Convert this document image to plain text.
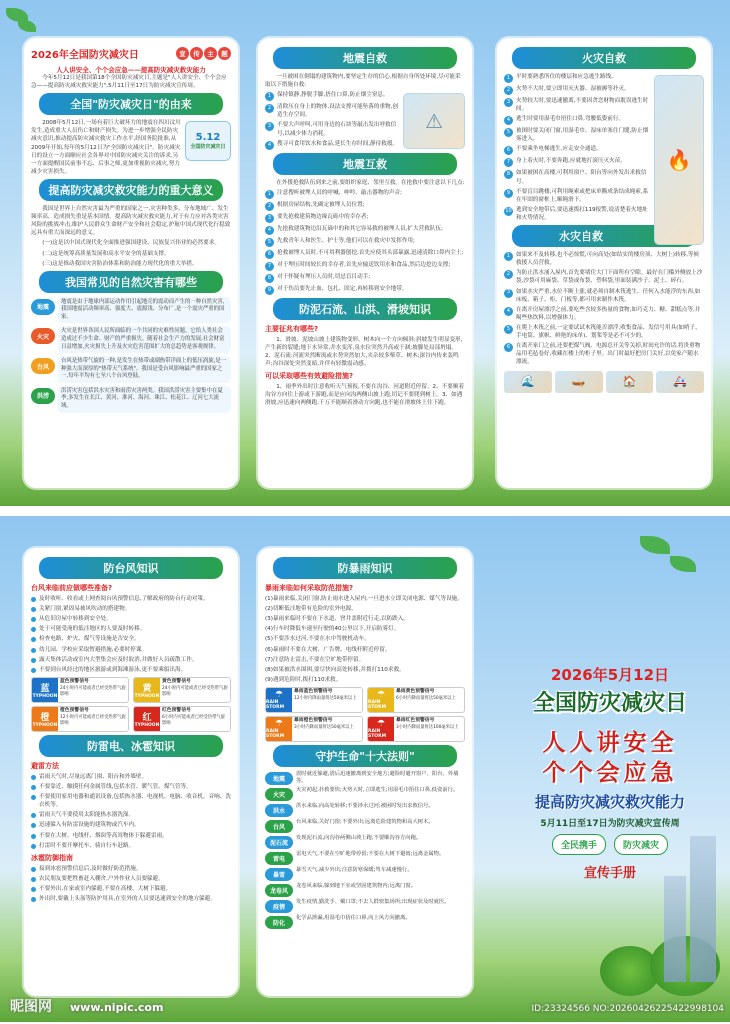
2026年全国防灾减灾日	宣	传	主	题
人人讲安全、个个会应急——提高防灾减灾救灾能力

今年5月12日是我国第18个全国防灾减灾日,主题是"人人讲安全、个个会应急——提高防灾减灾救灾能力",5月11日至17日为防灾减灾宣传周。

全国"防灾减灾日"的由来
5.12
全国防灾减灾日

2008年5月12日,一场有着巨大破坏力的地震在四川汶川发生,造成重大人员伤亡和财产损失。为进一步增强全民防灾减灾意识,推动提高防灾减灾救灾工作水平,经国务院批准,从2009年开始,每年的5月12日为"全国防灾减灾日"。防灾减灾日的设立一方面顺应社会各界对中国防灾减灾关注的诉求,另一方面提醒国民前事不忘、后事之师,更加重视防灾减灾,努力减少灾害损失。

提高防灾减灾救灾能力的重大意义

我国是世界上自然灾害最为严重的国家之一,灾害种类多、分布地域广、发生频率高、造成损失重是基本国情。提高防灾减灾救灾能力,对于有力应对各类灾害风险的挑战冲击,维护人民群众生命财产安全和社会稳定,护航中国式现代化行稳致远具有重大而深远的意义。

(一)这是以中国式现代化全面推进强国建设、民族复兴伟业的必然要求。

(二)这是统筹高质量发展和高水平安全的基础支撑。

(三)这是推动我国灾害防治体系和防治能力现代化的重大举措。

我国常见的自然灾害有哪些
地震
地震是由于地球内部运动作用引起地壳的震动而产生的一种自然灾害,我国地震活动频率高、强度大、震源浅、分布广,是一个震灾严重的国家。
火灾
火灾是世界各国人民所面临的一个共同的灾难性问题。它给人类社会造成过不少生命、财产的严重损失。随着社会生产力的发展,社会财富日益增加,火灾损失上升及火灾危害范围扩大的总趋势是客观规律。
台风
台风是热带气旋的一种,是发生在热带或副热带洋面上的低压涡旋,是一种强大而深厚的"热带天气系统"。我国是受台风影响最严重的国家之一,每年平均有七至八个台风登陆。
洪涝
洪涝灾害包括洪水灾害和雨涝灾害两类。我国洪涝灾害主要集中在夏季,多发生在长江、黄河、淮河、海河、珠江、松花江、辽河七大流域。
地震自救

一旦被困在倒塌的建筑物内,要坚定生存的信心,根据自身所处环境,尽可能采取以下措施自救:

⚠
1	保持镇静,挣脱手脚,捂住口鼻,防止烟尘窒息。
2	清除压在身上的物体,设法支撑可能坠落的重物,创造生存空间。
3	不要大声呼叫,可用身边的石块等敲击发出呼救信号,以减少体力消耗。
4	搜寻可食用饮水和食品,延长生存时间,静待救援。
地震互救

在外援抢救队伍到来之前,要组织家庭、邻里互救。在抢救中要注意以下几点:

1	注意搜听被埋人员的呼喊、呻吟、敲击器物的声音;
2	根据房屋结构,先确定被埋人员位置;
3	要先抢救建筑物边缘瓦砾中的幸存者;
4	先抢救建筑物边沿瓦砾中的和其它容易救的被埋人员,扩大营救队伍;
5	先救青年人和医生、护士等,他们可以在救灾中发挥作用;
6	抢救被埋人员时,不可用利器刨挖,首先应使其头部暴露,迅速清除口鼻内尘土;
7	对于埋压时间较长的幸存者,首先应输送饮用水和食品,然后边挖边支撑;
8	对于怀疑有埋压人员时,切忌盲目动手;
9	对于伤员要先止血、包扎、固定,再转移到安全地带。
防泥石流、山洪、滑坡知识
主要征兆有哪些?

1、滑坡、泥坡山坡上建筑物变形、树木向一个方向倾斜;斜坡发生明显变形,产生新的裂缝;地下水异常,井水变浑,泉水位突然升高或干涸;坡脚处局部坍塌。2、泥石流:河流突然断流或水势突然加大,夹杂较多柴草、树木;深谷内传来轰鸣声;沟谷深处突然变暗,并伴有轻微震动感。

可以采取哪些有效避险措施?

1、雨季外出时注意收听天气预报,不要在沟谷、河道附近停留。2、不要顺着沟谷方向往上游或下游跑,而是应向沟两侧山坡上跑,切记不要爬到树上。3、如遇滑坡,应迅速向两侧跑,千万不能顺着滑动方向跑,也不能在滑坡体上往下跑。

火灾自救
🔥
1	平时要熟悉所住的楼层和应急逃生路线。
2	火势不大时,要立即用灭火器、湿被褥等扑灭。
3	火势较大时,要迅速撤离,不要因贪恋财物而耽误逃生时间。
4	逃生时要用湿毛巾捂住口鼻,弯腰低姿前行。
5	被困时要关闭门窗,用湿毛巾、湿床单塞住门缝,防止烟雾进入。
6	不要乘坐电梯逃生,应走安全通道。
7	身上着火时,不要奔跑,应就地打滚压灭火苗。
8	如果被困在高楼,可利用窗户、阳台等向外发出求救信号。
9	不要盲目跳楼,可利用绳索或把床单撕成条结成绳索,系在牢固的窗框上,顺绳滑下。
10 逃到安全地带后,要迅速拨打119报警,说清楚着火地址和火势情况。
水灾自救
1	如果来不及转移,也不必惊慌,可向高处(如结实的楼房顶、大树上)转移,等候救援人员营救。
2	为防止洪水涌入屋内,首先要堵住大门下面所有空隙。最好在门槛外侧放上沙袋,沙袋可用麻袋、草袋或布袋、塑料袋,里面装满沙子、泥土、碎石。
3	如果水灾严重,水位不断上涨,就必须自制木筏逃生。任何入水能浮的东西,如床板、箱子、柜、门板等,都可用来制作木筏。
4	在离开房屋漂浮之前,要吃些含较多热量的食物,如巧克力、糖、甜糕点等,并喝些热饮料,以增强体力。
5	在爬上木筏之前,一定要试试木筏能否漂浮,收集食品、发信号用具(如哨子、手电筒、旗帜、鲜艳的床单)、划桨等是必不可少的。
6	在离开家门之前,还要把煤气阀、电源总开关等关掉,时间允许的话,将贵重物品用毛毡卷好,收藏在楼上的柜子里。出门时最好把房门关好,以免家产随水漂流。
🌊	🛶	🏠	🚑
防台风知识
台风来临前应做哪些准备?
及时收听、收看或上网查阅台风预警信息,了解政府的防台行动对策。
关紧门窗,紧固易被风吹动的搭建物。
从危旧房屋中转移到安全处。
处于可能受淹的低洼地区的人要及时转移。
检查电路、炉火、煤气等设施是否安全。
幼儿园、学校应采取暂避措施,必要时停课。
露天集体活动或室内大型集会应及时取消,并做好人员疏散工作。
不要到台风经过的地区旅游或到海滩游泳,更不要乘船出海。
蓝
TYPHOON
蓝色预警信号
24小时内可能或者已经受热带气旋影响
黄
TYPHOON
黄色预警信号
24小时内可能或者已经受热带气旋影响
橙
TYPHOON
橙色预警信号
12小时内可能或者已经受热带气旋影响
红
TYPHOON
红色预警信号
6小时内可能或者已经受热带气旋影响
防雷电、冰雹知识
避雷方法
雷雨天气时,尽量远离门窗、阳台和外墙壁。
不要靠近、触摸任何金属管线,包括水管、暖气管、煤气管等。
不要使用家用电器和通讯设备,包括热水器、电视机、电脑、收音机、音响、洗衣机等。
雷雨天气不要使用太阳能热水器洗澡。
迅速躲入有防雷设施的建筑物或汽车内。
不要在大树、电线杆、烟囱等高耸物体下躲避雷雨。
打雷时不要开摩托车、骑自行车赶路。
冰雹防御指南
接到冰雹预警信息后,及时做好防范措施。
农民朋友要把牲畜赶入棚舍,户外作业人员要躲避。
不要外出,在家或室内躲避,不要在高楼、大树下躲避。
外出时,要戴上头盔等防护用具,在室外的人员要迅速到安全的地方躲避。
防暴雨知识
暴雨来临如何采取防范措施?
(1)暴雨来临,关闭门窗,防止雨水进入屋内,一旦进水立即关闭电源、煤气等设施。
(2)切断低洼地带有危险的室外电源。
(3)暴雨来临时不要在下水道、窨井盖附近行走,以防跌入。
(4)行车时降低车速至行驶的40公里以下,开启防雾灯。
(5)不要涉水过河,不要在水中驾驶机动车。
(6)暴雨时不要在大树、广告牌、电线杆附近停留。
(7)注意防止雷击,不要在空旷地带停留。
(8)如果被洪水围困,要尽快向高处转移,并拨打110求救。
(9)遇到危险时,拨打110求救。
☂
RAIN STORM
暴雨蓝色预警信号
12小时内降雨量将达50毫米以上 ☂
RAIN STORM
暴雨黄色预警信号
6小时内降雨量将达50毫米以上
☂
RAIN STORM
暴雨橙色预警信号
3小时内降雨量将达50毫米以上	☂
RAIN STORM
暴雨红色预警信号
3小时内降雨量将达100毫米以上
守护生命"十大法则"
地震
震时就近躲避,震后迅速撤离到安全地方;避险时避开窗户、阳台、外墙等。
火灾
火灾初起,扑救要快;火势大时,立即逃生;用湿毛巾捂住口鼻,低姿前行。
洪水
洪水来临,向高处转移;不要涉水过河;被困时发出求救信号。
台风
台风来临,关好门窗;不要外出;远离危险建筑物和高大树木。
泥石流
发现泥石流,向沟谷两侧山坡上跑,不要顺沟谷方向跑。
雷电
雷电天气,不要在空旷地带停留;不要在大树下避雨;远离金属物。
暴雪
暴雪天气,减少外出;注意防寒保暖;驾车减速慢行。
龙卷风
龙卷风来临,躲到地下室或坚固建筑物内;远离门窗。
疫情
发生疫情,勤洗手、戴口罩;不去人群密集场所;出现症状及时就医。
防化
化学品泄漏,用湿毛巾捂住口鼻,向上风方向撤离。
2026年5月12日
全国防灾减灾日
人人讲安全
个个会应急
提高防灾减灾救灾能力
5月11日至17日为防灾减灾宣传周
全民携手	防灾减灾
宣传手册
昵图网 www.nipic.com	ID:23324566 NO:20260426225422998104
